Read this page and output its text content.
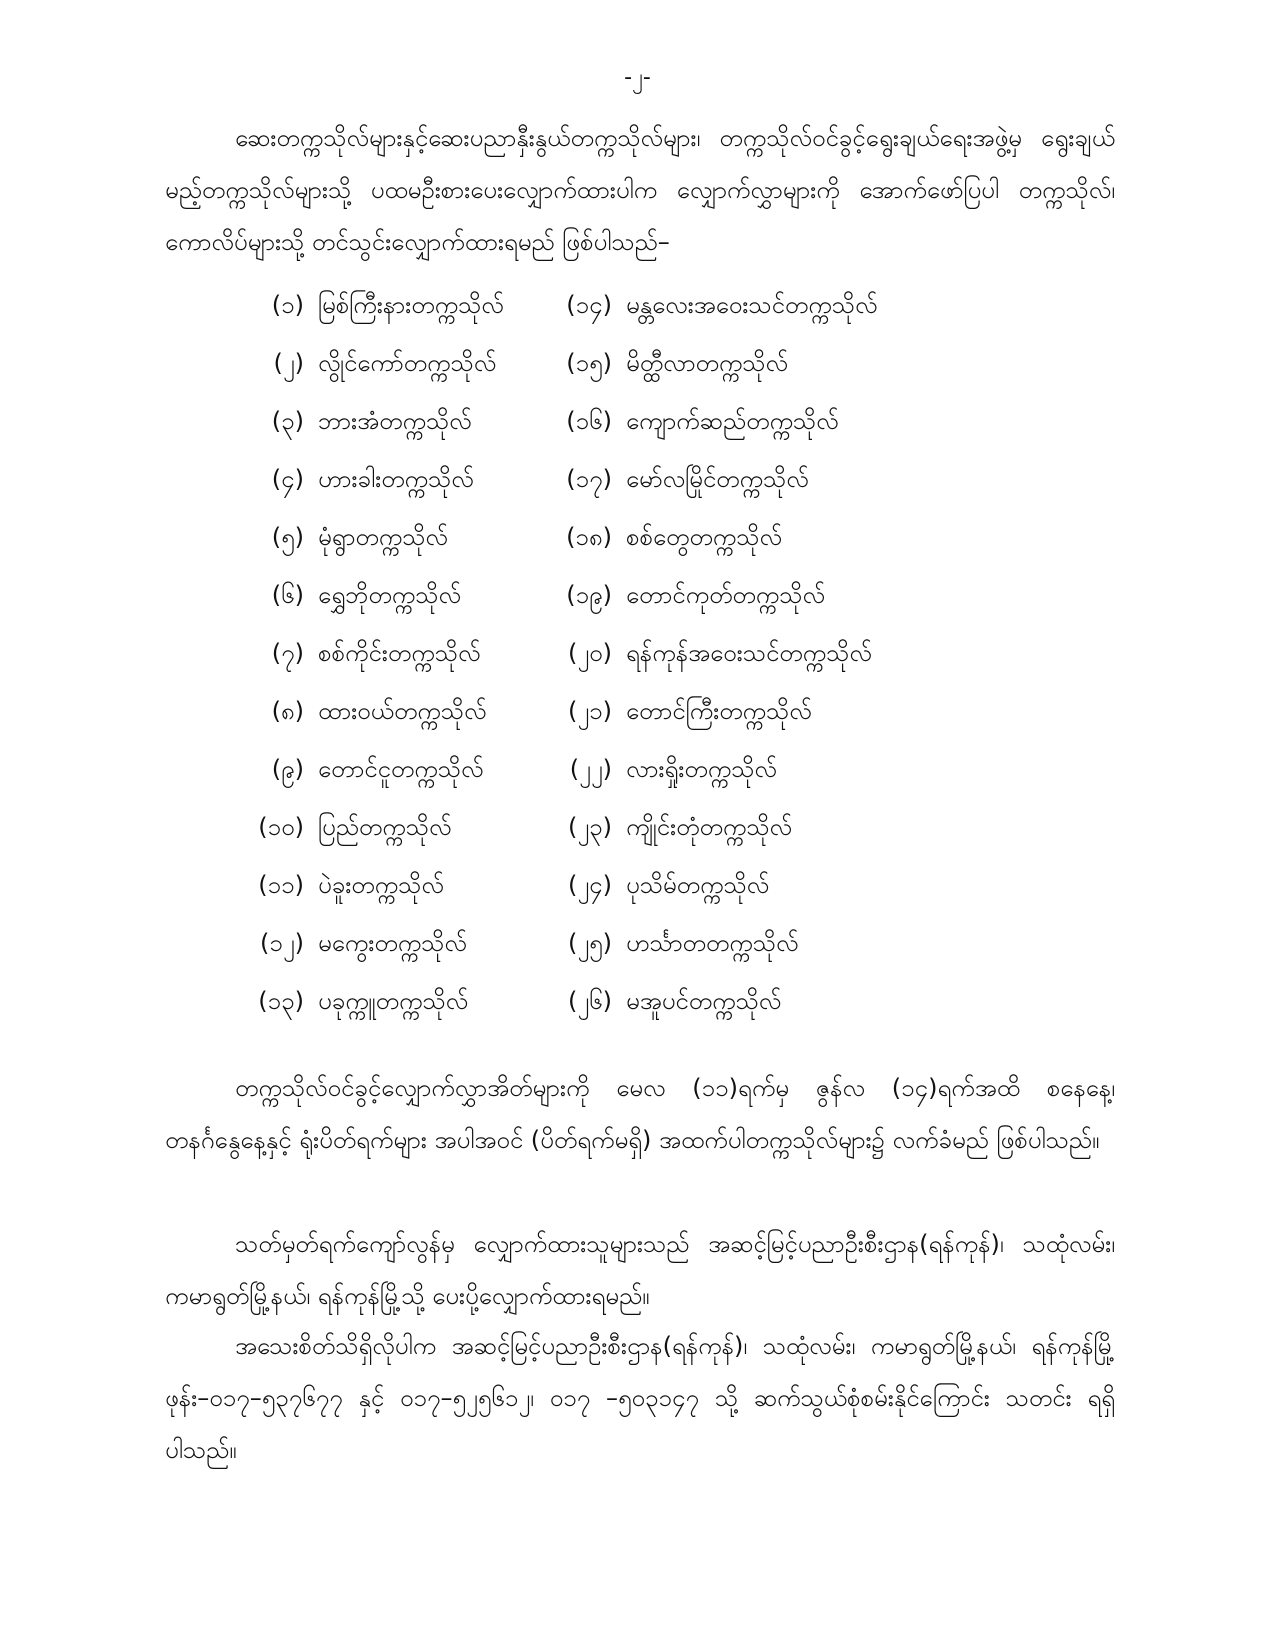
-၂-
ဆေးတက္ကသိုလ်များနှင့်ဆေးပညာနှီးနွယ်တက္ကသိုလ်များ၊ တက္ကသိုလ်ဝင်ခွင့်ရွေးချယ်ရေးအဖွဲ့မှ ရွေးချယ်မည့်တက္ကသိုလ်များသို့ ပထမဦးစားပေးလျှောက်ထားပါက လျှောက်လွှာများကို အောက်ဖော်ပြပါ တက္ကသိုလ်၊ ကောလိပ်များသို့ တင်သွင်းလျှောက်ထားရမည် ဖြစ်ပါသည်–
(၁) မြစ်ကြီးနားတက္ကသိုလ်	(၁၄) မန္တလေးအဝေးသင်တက္ကသိုလ်
(၂) လွိုင်ကော်တက္ကသိုလ်	(၁၅) မိတ္ထီလာတက္ကသိုလ်
(၃) ဘားအံတက္ကသိုလ်	(၁၆) ကျောက်ဆည်တက္ကသိုလ်
(၄) ဟားခါးတက္ကသိုလ်	(၁၇) မော်လမြိုင်တက္ကသိုလ်
(၅) မုံရွာတက္ကသိုလ်	(၁၈) စစ်တွေတက္ကသိုလ်
(၆) ရွှေဘိုတက္ကသိုလ်	(၁၉) တောင်ကုတ်တက္ကသိုလ်
(၇) စစ်ကိုင်းတက္ကသိုလ်	(၂၀) ရန်ကုန်အဝေးသင်တက္ကသိုလ်
(၈) ထားဝယ်တက္ကသိုလ်	(၂၁) တောင်ကြီးတက္ကသိုလ်
(၉) တောင်ငူတက္ကသိုလ်	(၂၂) လားရှိုးတက္ကသိုလ်
(၁၀) ပြည်တက္ကသိုလ်	(၂၃) ကျိုင်းတုံတက္ကသိုလ်
(၁၁) ပဲခူးတက္ကသိုလ်	(၂၄) ပုသိမ်တက္ကသိုလ်
(၁၂) မကွေးတက္ကသိုလ်	(၂၅) ဟင်္သာတတက္ကသိုလ်
(၁၃) ပခုက္ကူတက္ကသိုလ်	(၂၆) မအူပင်တက္ကသိုလ်
တက္ကသိုလ်ဝင်ခွင့်လျှောက်လွှာအိတ်များကို မေလ (၁၁)ရက်မှ ဇွန်လ (၁၄)ရက်အထိ စနေနေ့၊ တနင်္ဂနွေနေ့နှင့် ရုံးပိတ်ရက်များ အပါအဝင် (ပိတ်ရက်မရှိ) အထက်ပါတက္ကသိုလ်များ၌ လက်ခံမည် ဖြစ်ပါသည်။
သတ်မှတ်ရက်ကျော်လွန်မှ လျှောက်ထားသူများသည် အဆင့်မြင့်ပညာဦးစီးဌာန(ရန်ကုန်)၊ သထုံလမ်း၊ ကမာရွတ်မြို့နယ်၊ ရန်ကုန်မြို့သို့ ပေးပို့လျှောက်ထားရမည်။
အသေးစိတ်သိရှိလိုပါက အဆင့်မြင့်ပညာဦးစီးဌာန(ရန်ကုန်)၊ သထုံလမ်း၊ ကမာရွတ်မြို့နယ်၊ ရန်ကုန်မြို့ ဖုန်း–၀၁၇–၅၃၇၆၇၇ နှင့် ၀၁၇–၅၂၅၆၁၂၊ ၀၁၇ –၅၀၃၁၄၇ သို့ ဆက်သွယ်စုံစမ်းနိုင်ကြောင်း သတင်း ရရှိပါသည်။
